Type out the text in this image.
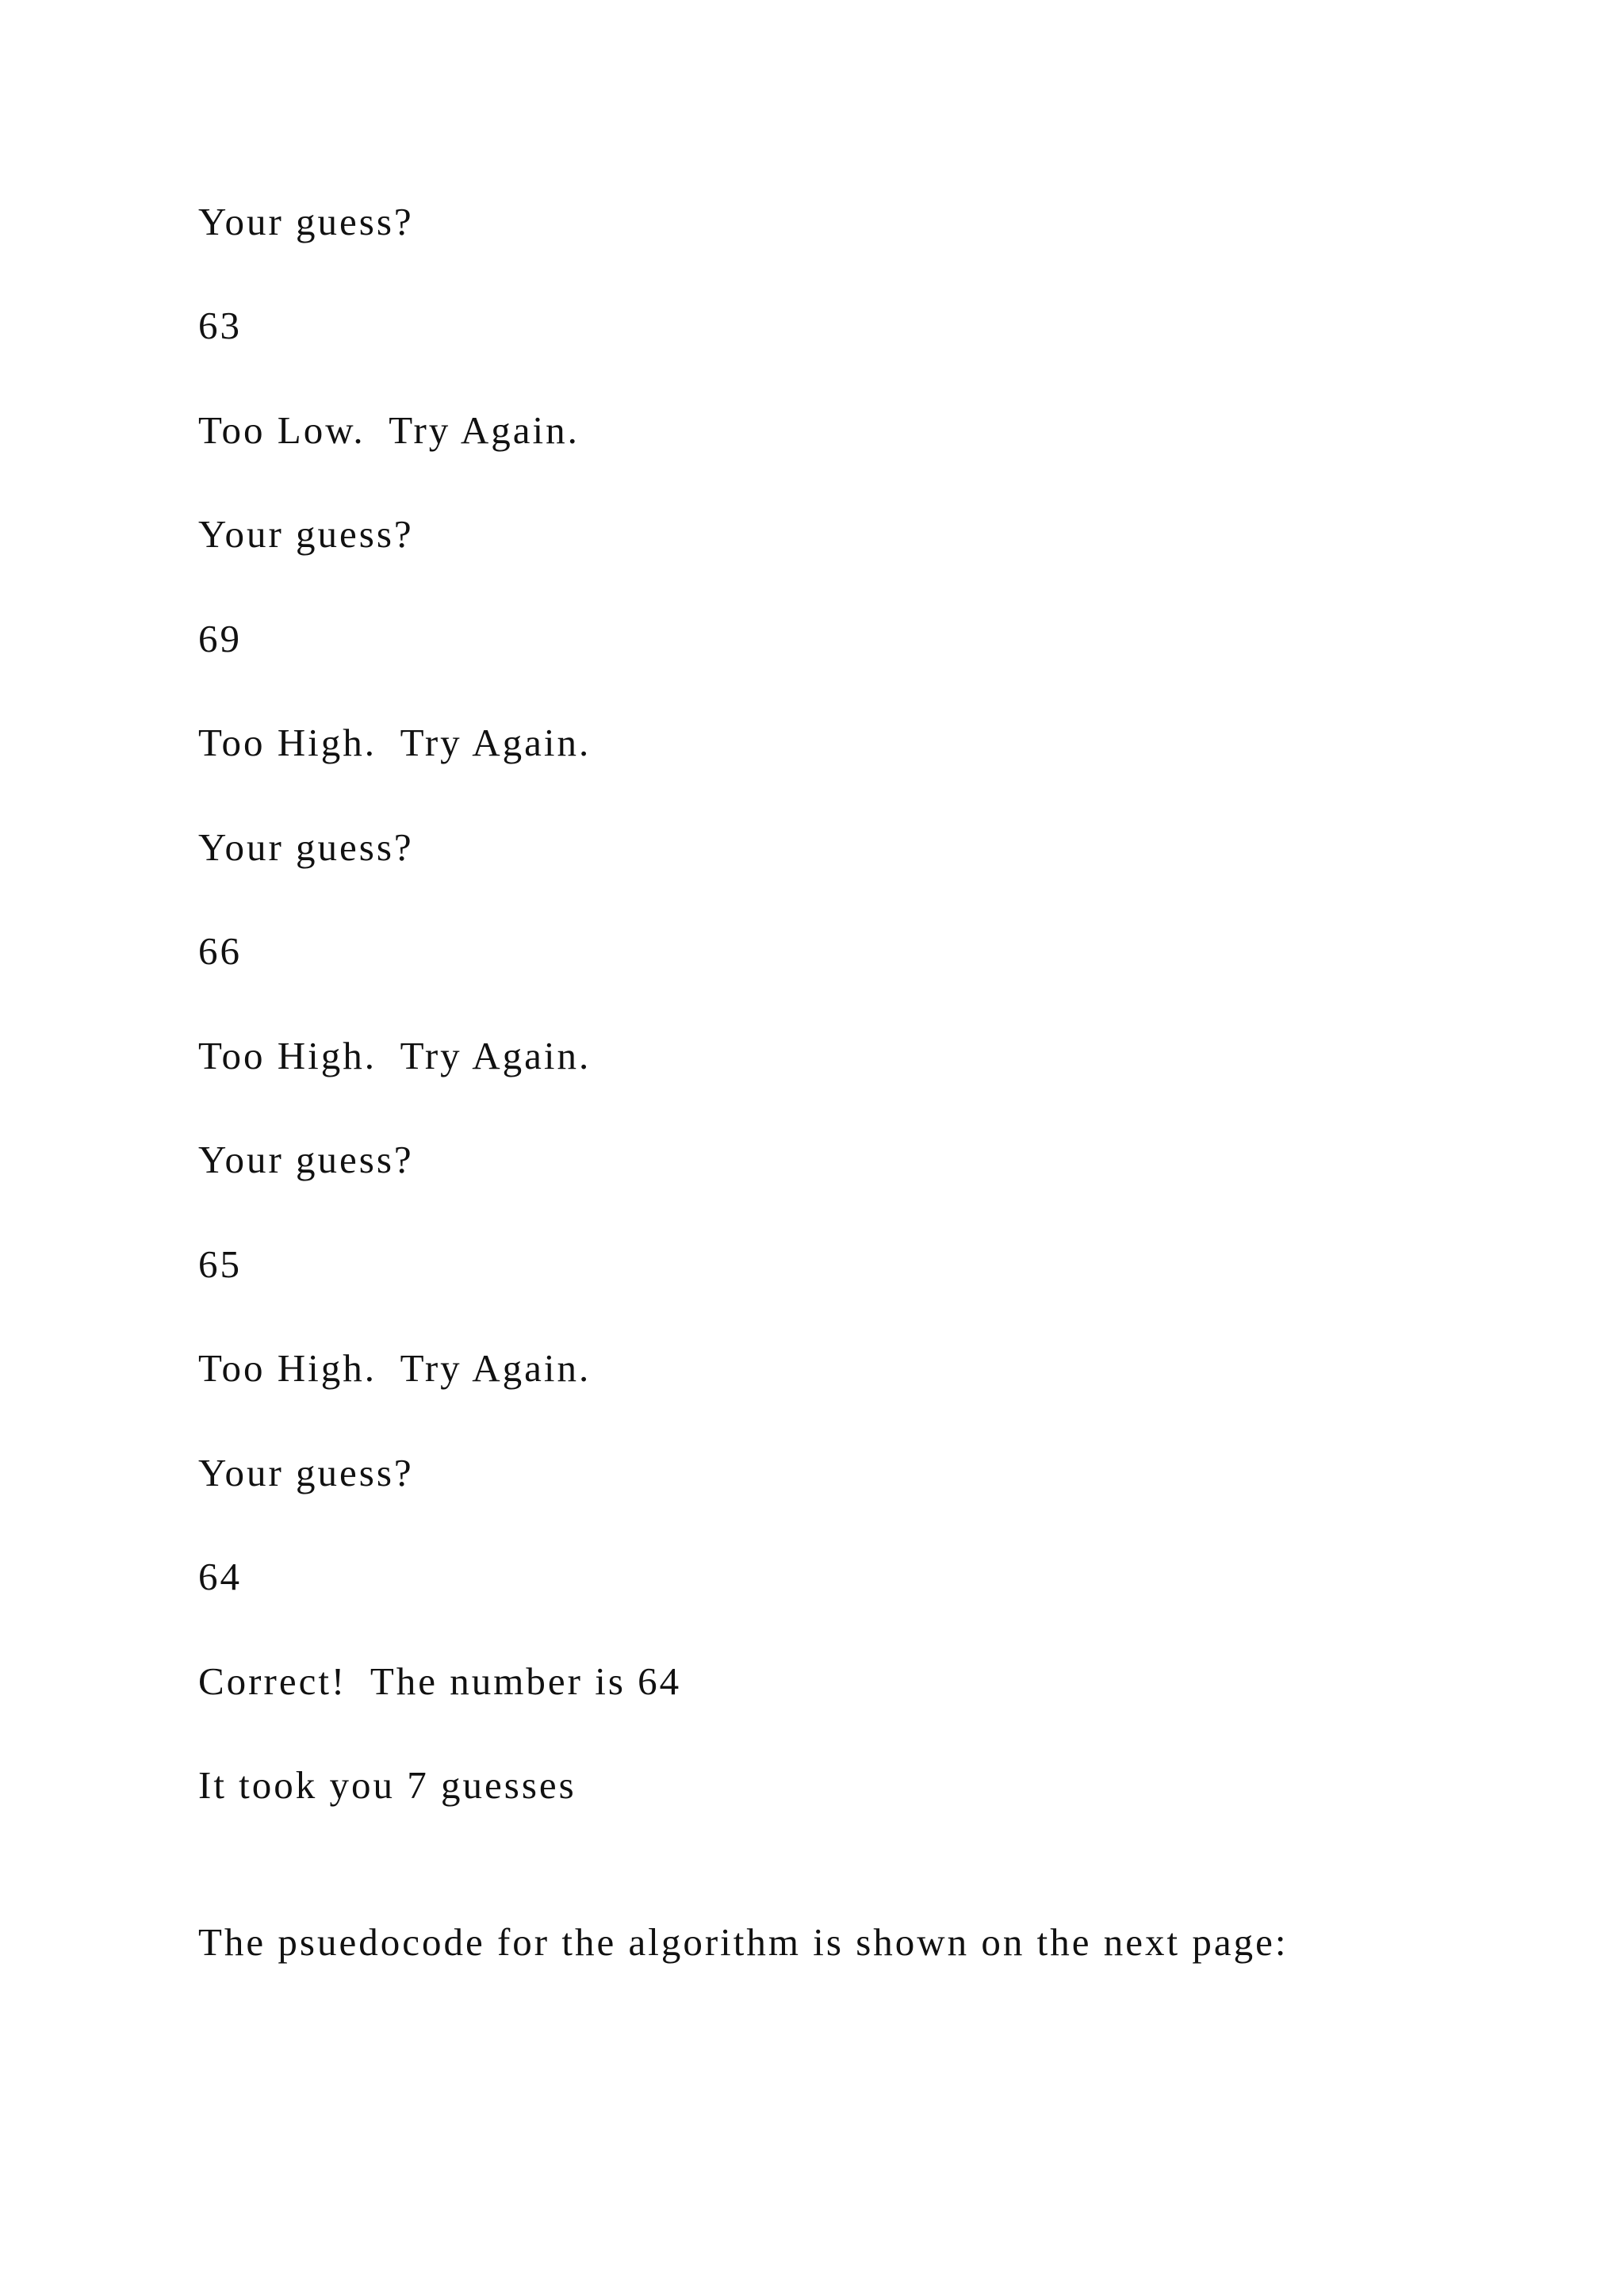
Your guess?

63

Too Low.  Try Again.

Your guess?

69

Too High.  Try Again.

Your guess?

66

Too High.  Try Again.

Your guess?

65

Too High.  Try Again.

Your guess?

64

Correct!  The number is 64

It took you 7 guesses

The psuedocode for the algorithm is shown on the next page:
